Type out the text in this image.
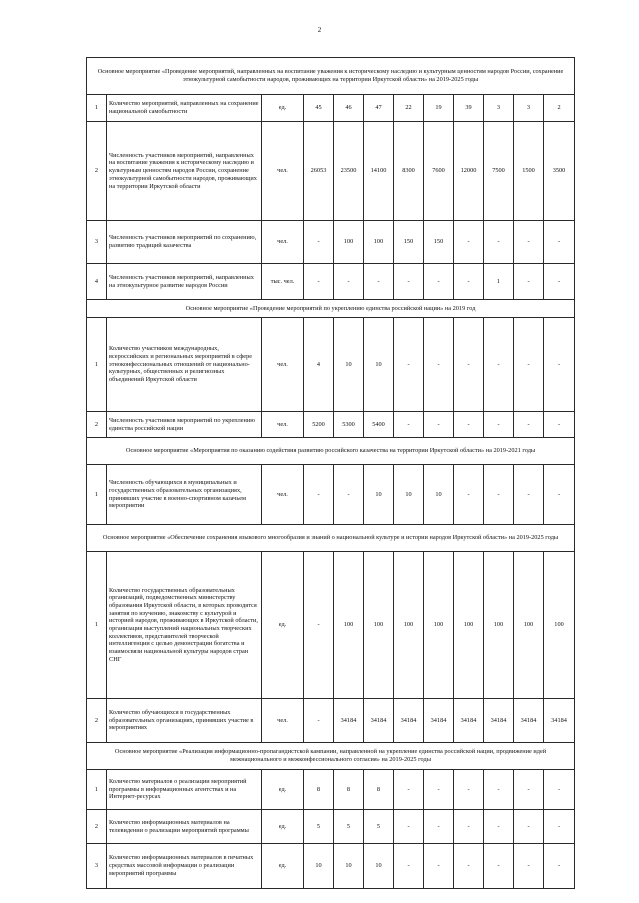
2
Основное мероприятие «Проведение мероприятий, направленных на воспитание уважения к историческому наследию и культурным ценностям народов России, сохранение этнокультурной самобытности народов, проживающих на территории Иркутской области» на 2019-2025 годы											
1	Количество мероприятий, направленных на сохранение национальной самобытности	ед.	45	46	47	22	19	39	3	3	2
2	Численность участников мероприятий, направленных на воспитание уважения к историческому наследию и культурным ценностям народов России, сохранение этнокультурной самобытности народов, проживающих на территории Иркутской области	чел.	26053	23500	14100	8300	7600	12000	7500	1500	3500
3	Численность участников мероприятий по сохранению, развитию традиций казачества	чел.	-	100	100	150	150	-	-	-	-
4	Численность участников мероприятий, направленных на этнокультурное развитие народов России	тыс. чел.	-	-	-	-	-	-	1	-	-
Основное мероприятие «Проведение мероприятий по укреплению единства российской нации» на 2019 год											
1	Количество участников международных, всероссийских и региональных мероприятий в сфере этноконфессиональных отношений от национально-культурных, общественных и религиозных объединений Иркутской области	чел.	4	10	10	-	-	-	-	-	-
2	Численность участников мероприятий по укреплению единства российской нации	чел.	5200	5300	5400	-	-	-	-	-	-
Основное мероприятие «Мероприятия по оказанию содействия развитию российского казачества на территории Иркутской области» на 2019-2021 годы											
1	Численность обучающихся в муниципальных и государственных образовательных организациях, принявших участие в военно-спортивном казачьем мероприятии	чел.	-	-	10	10	10	-	-	-	-
Основное мероприятие «Обеспечение сохранения языкового многообразия и знаний о национальной культуре и истории народов Иркутской области» на 2019-2025 годы											
1	Количество государственных образовательных организаций, подведомственных министерству образования Иркутской области, в которых проводятся занятия по изучению, знакомству с культурой и историей народов, проживающих в Иркутской области, организация выступлений национальных творческих коллективов, представителей творческой интеллигенции с целью демонстрации богатства и взаимосвязи национальной культуры народов стран СНГ	ед.	-	100	100	100	100	100	100	100	100
2	Количество обучающихся в государственных образовательных организациях, принявших участие в мероприятиях	чел.	-	34184	34184	34184	34184	34184	34184	34184	34184
Основное мероприятие «Реализация информационно-пропагандистской кампании, направленной на укрепление единства российской нации, продвижение идей межнационального и межконфессионального согласия» на 2019-2025 годы											
1	Количество материалов о реализации мероприятий программы в информационных агентствах и на Интернет-ресурсах	ед.	8	8	8	-	-	-	-	-	-
2	Количество информационных материалов на телевидении о реализации мероприятий программы	ед.	5	5	5	-	-	-	-	-	-
3	Количество информационных материалов в печатных средствах массовой информации о реализации мероприятий программы	ед.	10	10	10	-	-	-	-	-	-
